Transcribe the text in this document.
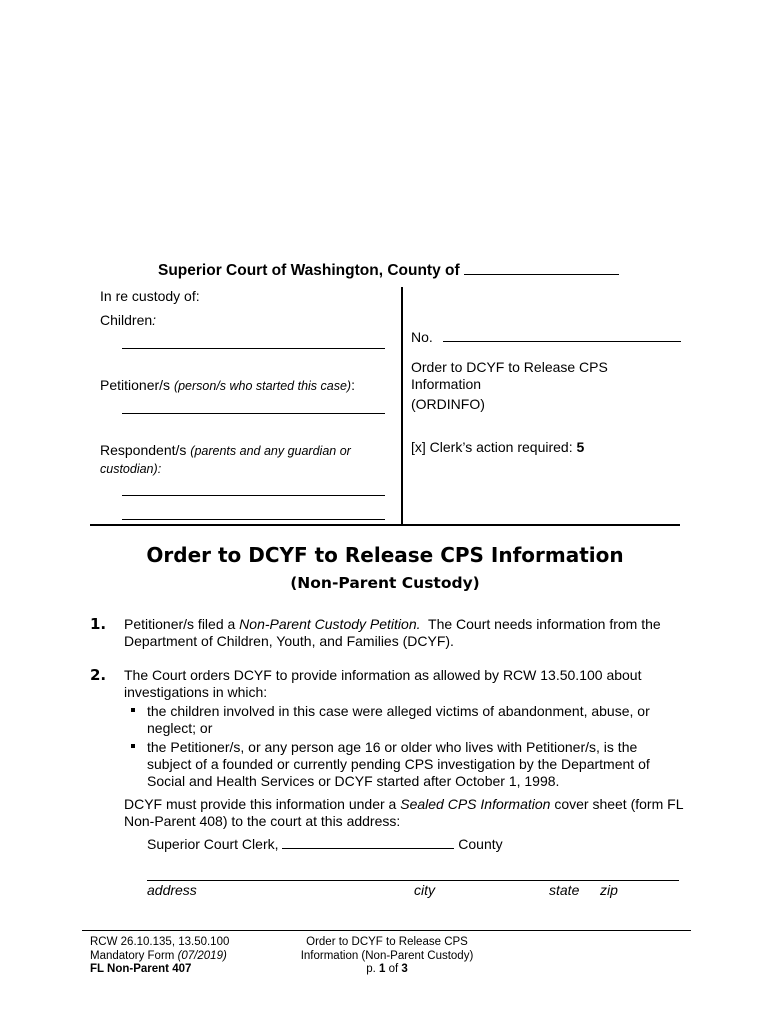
Superior Court of Washington, County of
In re custody of:
Children:
Petitioner/s (person/s who started this case):
Respondent/s (parents and any guardian or
custodian):
No.
Order to DCYF to Release CPS
Information
(ORDINFO)
[x] Clerk’s action required: 5
Order to DCYF to Release CPS Information
(Non-Parent Custody)
1. Petitioner/s filed a Non-Parent Custody Petition.  The Court needs information from the
Department of Children, Youth, and Families (DCYF).
2. The Court orders DCYF to provide information as allowed by RCW 13.50.100 about
investigations in which:
the children involved in this case were alleged victims of abandonment, abuse, or
neglect; or
the Petitioner/s, or any person age 16 or older who lives with Petitioner/s, is the
subject of a founded or currently pending CPS investigation by the Department of
Social and Health Services or DCYF started after October 1, 1998.
DCYF must provide this information under a Sealed CPS Information cover sheet (form FL
Non-Parent 408) to the court at this address:
Superior Court Clerk,	County
address	city	state zip
RCW 26.10.135, 13.50.100
Mandatory Form (07/2019)
FL Non-Parent 407
Order to DCYF to Release CPS
Information (Non-Parent Custody)
p. 1 of 3
